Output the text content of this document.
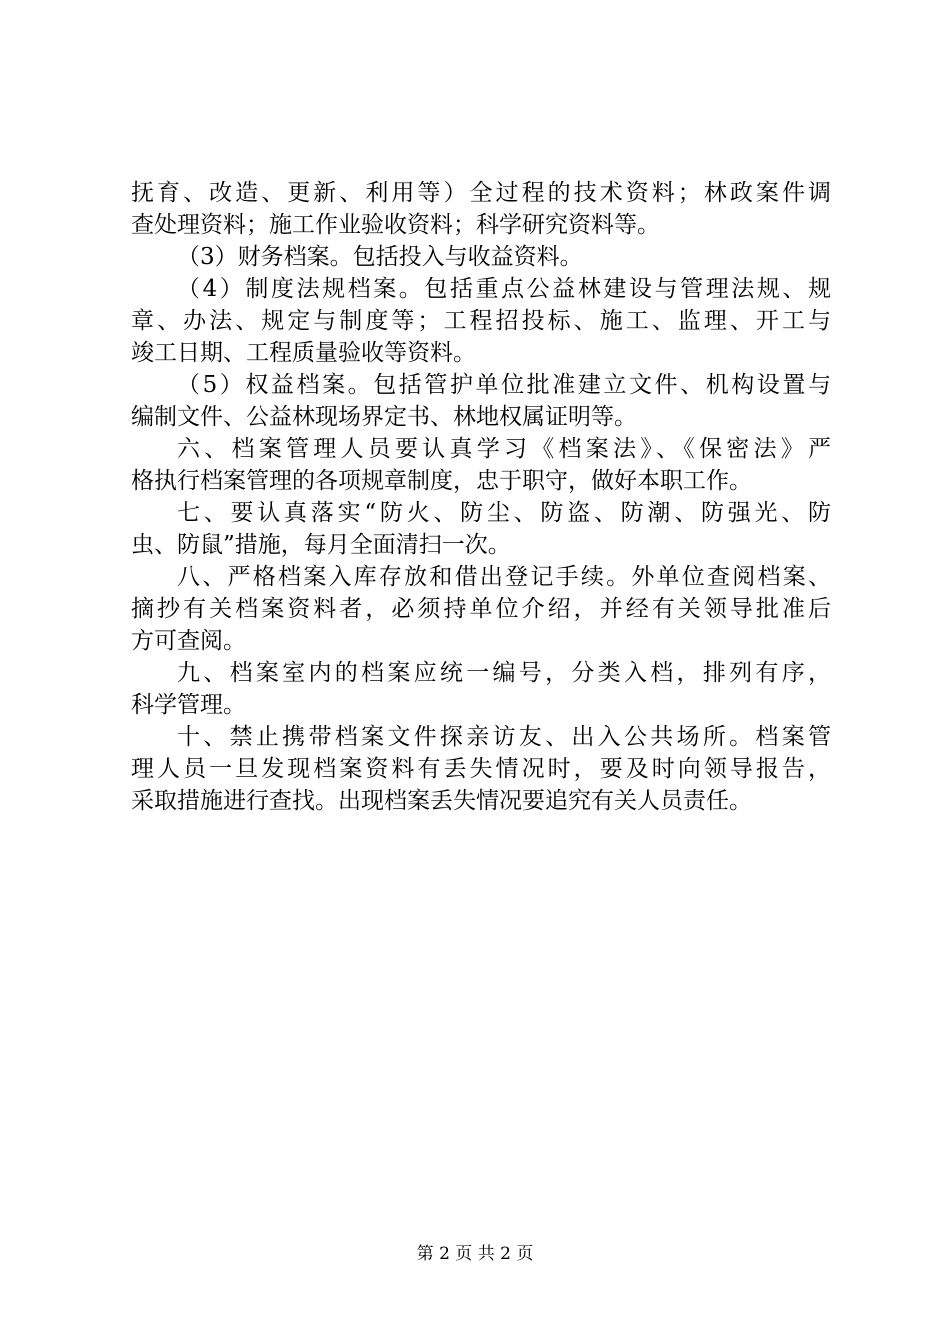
抚育、改造、更新、利用等）全过程的技术资料；林政案件调
查处理资料；施工作业验收资料；科学研究资料等。
（3）财务档案。包括投入与收益资料。
（4）制度法规档案。包括重点公益林建设与管理法规、规
章、办法、规定与制度等；工程招投标、施工、监理、开工与
竣工日期、工程质量验收等资料。
（5）权益档案。包括管护单位批准建立文件、机构设置与
编制文件、公益林现场界定书、林地权属证明等。
六、档案管理人员要认真学习《档案法》、《保密法》严
格执行档案管理的各项规章制度，忠于职守，做好本职工作。
七、要认真落实“防火、防尘、防盗、防潮、防强光、防
虫、防鼠”措施，每月全面清扫一次。
八、严格档案入库存放和借出登记手续。外单位查阅档案、
摘抄有关档案资料者，必须持单位介绍，并经有关领导批准后
方可查阅。
九、档案室内的档案应统一编号，分类入档，排列有序，
科学管理。
十、禁止携带档案文件探亲访友、出入公共场所。档案管
理人员一旦发现档案资料有丢失情况时，要及时向领导报告，
采取措施进行查找。出现档案丢失情况要追究有关人员责任。
第 2 页 共 2 页
